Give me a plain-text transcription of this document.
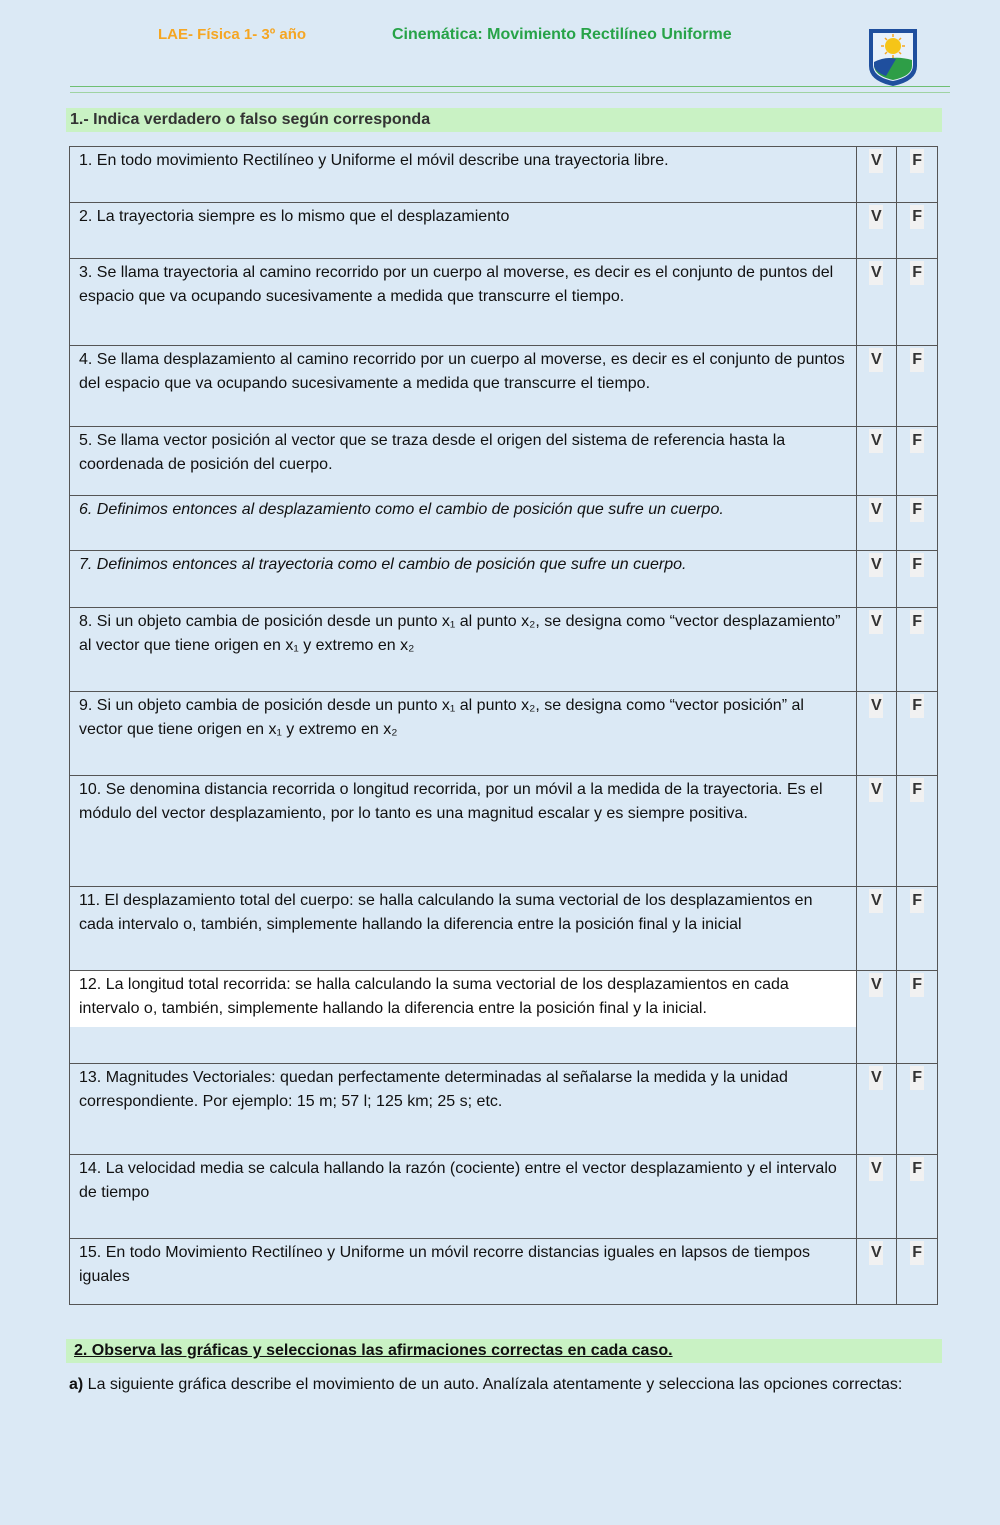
LAE- Física 1- 3º año	Cinemática: Movimiento Rectilíneo Uniforme
1.- Indica verdadero o falso según corresponda
1. En todo movimiento Rectilíneo y Uniforme el móvil describe una trayectoria libre.	V	F
2. La trayectoria siempre es lo mismo que el desplazamiento	V	F
3. Se llama trayectoria al camino recorrido por un cuerpo al moverse, es decir es el conjunto de puntos del espacio que va ocupando sucesivamente a medida que transcurre el tiempo.	V	F
4. Se llama desplazamiento al camino recorrido por un cuerpo al moverse, es decir es el conjunto de puntos del espacio que va ocupando sucesivamente a medida que transcurre el tiempo.	V	F
5. Se llama vector posición al vector que se traza desde el origen del sistema de referencia hasta la coordenada de posición del cuerpo.	V	F
6. Definimos entonces al desplazamiento como el cambio de posición que sufre un cuerpo.	V	F
7. Definimos entonces al trayectoria como el cambio de posición que sufre un cuerpo.	V	F
8. Si un objeto cambia de posición desde un punto x₁ al punto x₂, se designa como “vector desplazamiento” al vector que tiene origen en x₁ y extremo en x₂	V	F
9. Si un objeto cambia de posición desde un punto x₁ al punto x₂, se designa como “vector posición” al vector que tiene origen en x₁ y extremo en x₂	V	F
10. Se denomina distancia recorrida o longitud recorrida, por un móvil a la medida de la trayectoria. Es el módulo del vector desplazamiento, por lo tanto es una magnitud escalar y es siempre positiva.	V	F
11. El desplazamiento total del cuerpo: se halla calculando la suma vectorial de los desplazamientos en cada intervalo o, también, simplemente hallando la diferencia entre la posición final y la inicial	V	F

12. La longitud total recorrida: se halla calculando la suma vectorial de los desplazamientos en cada intervalo o, también, simplemente hallando la diferencia entre la posición final y la inicial.	V	F
13. Magnitudes Vectoriales: quedan perfectamente determinadas al señalarse la medida y la unidad correspondiente. Por ejemplo: 15 m; 57 l; 125 km; 25 s; etc.	V	F
14. La velocidad media se calcula hallando la razón (cociente) entre el vector desplazamiento y el intervalo de tiempo	V	F
15. En todo Movimiento Rectilíneo y Uniforme un móvil recorre distancias iguales en lapsos de tiempos iguales	V	F
2. Observa las gráficas y seleccionas las afirmaciones correctas en cada caso.
a) La siguiente gráfica describe el movimiento de un auto. Analízala atentamente y selecciona las opciones correctas:
